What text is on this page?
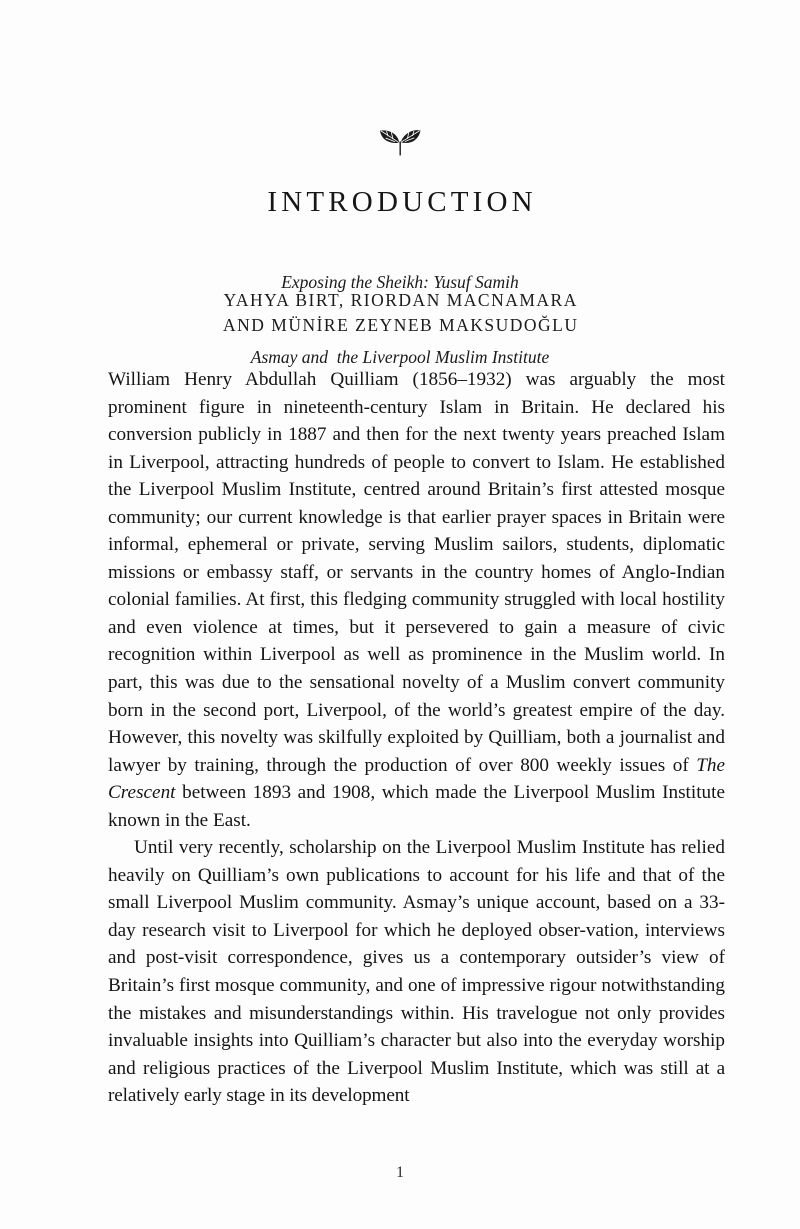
INTRODUCTION

Exposing the Sheikh: Yusuf Samih

Asmay and  the Liverpool Muslim Institute

YAHYA BIRT, RIORDAN MACNAMARA
AND MÜNİRE ZEYNEB MAKSUDOĞLU

William Henry Abdullah Quilliam (1856–1932) was arguably the most prominent figure in nineteenth-century Islam in Britain. He declared his conversion publicly in 1887 and then for the next twenty years preached Islam in Liverpool, attracting hundreds of people to convert to Islam. He established the Liverpool Muslim Institute, centred around Britain’s first attested mosque community; our current knowledge is that earlier prayer spaces in Britain were informal, ephemeral or private, serving Muslim sailors, students, diplomatic missions or embassy staff, or servants in the country homes of Anglo-Indian colonial families. At first, this fledging community struggled with local hostility and even violence at times, but it persevered to gain a measure of civic recognition within Liverpool as well as prominence in the Muslim world. In part, this was due to the sensational novelty of a Muslim convert community born in the second port, Liverpool, of the world’s greatest empire of the day. However, this novelty was skilfully exploited by Quilliam, both a journalist and lawyer by training, through the production of over 800 weekly issues of The Crescent between 1893 and 1908, which made the Liverpool Muslim Institute known in the East.

Until very recently, scholarship on the Liverpool Muslim Institute has relied heavily on Quilliam’s own publications to account for his life and that of the small Liverpool Muslim community. Asmay’s unique account, based on a 33-day research visit to Liverpool for which he deployed obser-vation, interviews and post-visit correspondence, gives us a contemporary outsider’s view of Britain’s first mosque community, and one of impressive rigour notwithstanding the mistakes and misunderstandings within. His travelogue not only provides invaluable insights into Quilliam’s character but also into the everyday worship and religious practices of the Liverpool Muslim Institute, which was still at a relatively early stage in its development

1
